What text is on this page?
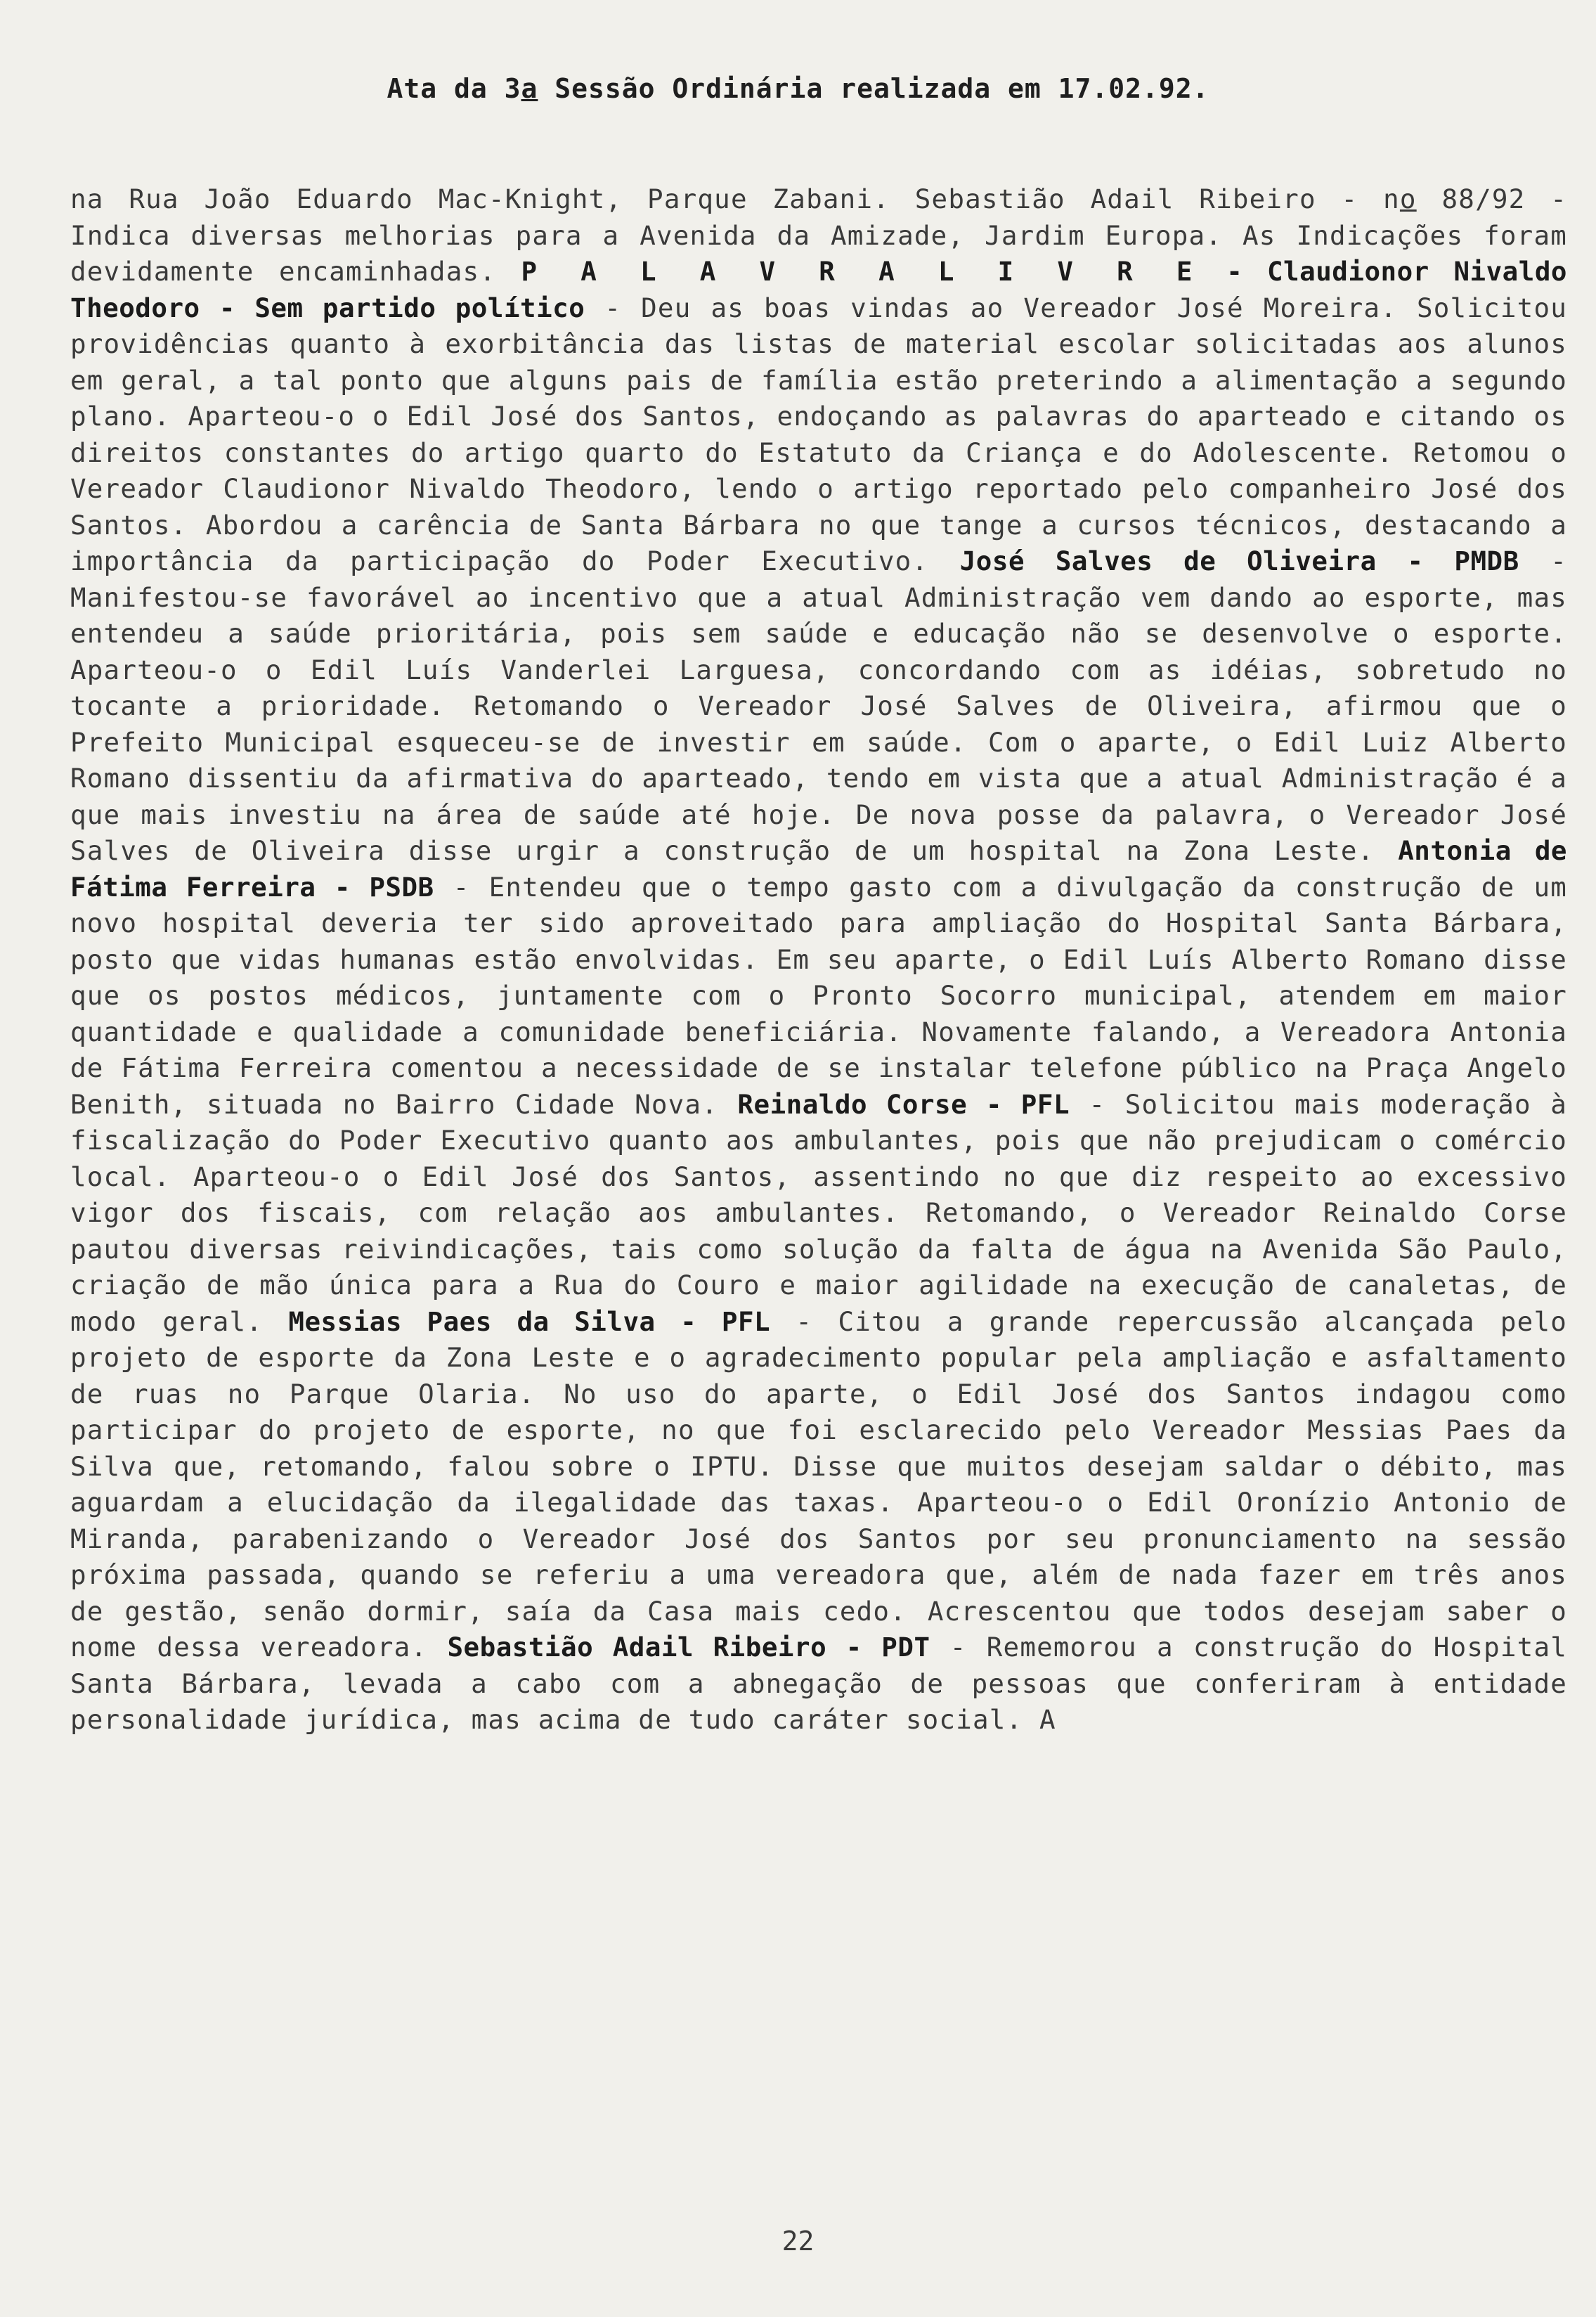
Ata da 3a Sessão Ordinária realizada em 17.02.92.

na Rua João Eduardo Mac-Knight, Parque Zabani. Sebastião Adail Ribeiro - no 88/92 - Indica diversas melhorias para a Avenida da Amizade, Jardim Europa. As Indicações foram devidamente encaminhadas. P A L A V R A L I V R E - Claudionor Nivaldo Theodoro - Sem partido político - Deu as boas vindas ao Vereador José Moreira. Solicitou providências quanto à exorbitância das listas de material escolar solicitadas aos alunos em geral, a tal ponto que alguns pais de família estão preterindo a alimentação a segundo plano. Aparteou-o o Edil José dos Santos, endoçando as palavras do aparteado e citando os direitos constantes do artigo quarto do Estatuto da Criança e do Adolescente. Retomou o Vereador Claudionor Nivaldo Theodoro, lendo o artigo reportado pelo companheiro José dos Santos. Abordou a carência de Santa Bárbara no que tange a cursos técnicos, destacando a importância da participação do Poder Executivo. José Salves de Oliveira - PMDB - Manifestou-se favorável ao incentivo que a atual Administração vem dando ao esporte, mas entendeu a saúde prioritária, pois sem saúde e educação não se desenvolve o esporte. Aparteou-o o Edil Luís Vanderlei Larguesa, concordando com as idéias, sobretudo no tocante a prioridade. Retomando o Vereador José Salves de Oliveira, afirmou que o Prefeito Municipal esqueceu-se de investir em saúde. Com o aparte, o Edil Luiz Alberto Romano dissentiu da afirmativa do aparteado, tendo em vista que a atual Administração é a que mais investiu na área de saúde até hoje. De nova posse da palavra, o Vereador José Salves de Oliveira disse urgir a construção de um hospital na Zona Leste. Antonia de Fátima Ferreira - PSDB - Entendeu que o tempo gasto com a divulgação da construção de um novo hospital deveria ter sido aproveitado para ampliação do Hospital Santa Bárbara, posto que vidas humanas estão envolvidas. Em seu aparte, o Edil Luís Alberto Romano disse que os postos médicos, juntamente com o Pronto Socorro municipal, atendem em maior quantidade e qualidade a comunidade beneficiária. Novamente falando, a Vereadora Antonia de Fátima Ferreira comentou a necessidade de se instalar telefone público na Praça Angelo Benith, situada no Bairro Cidade Nova. Reinaldo Corse - PFL - Solicitou mais moderação à fiscalização do Poder Executivo quanto aos ambulantes, pois que não prejudicam o comércio local. Aparteou-o o Edil José dos Santos, assentindo no que diz respeito ao excessivo vigor dos fiscais, com relação aos ambulantes. Retomando, o Vereador Reinaldo Corse pautou diversas reivindicações, tais como solução da falta de água na Avenida São Paulo, criação de mão única para a Rua do Couro e maior agilidade na execução de canaletas, de modo geral. Messias Paes da Silva - PFL - Citou a grande repercussão alcançada pelo projeto de esporte da Zona Leste e o agradecimento popular pela ampliação e asfaltamento de ruas no Parque Olaria. No uso do aparte, o Edil José dos Santos indagou como participar do projeto de esporte, no que foi esclarecido pelo Vereador Messias Paes da Silva que, retomando, falou sobre o IPTU. Disse que muitos desejam saldar o débito, mas aguardam a elucidação da ilegalidade das taxas. Aparteou-o o Edil Oronízio Antonio de Miranda, parabenizando o Vereador José dos Santos por seu pronunciamento na sessão próxima passada, quando se referiu a uma vereadora que, além de nada fazer em três anos de gestão, senão dormir, saía da Casa mais cedo. Acrescentou que todos desejam saber o nome dessa vereadora. Sebastião Adail Ribeiro - PDT - Rememorou a construção do Hospital Santa Bárbara, levada a cabo com a abnegação de pessoas que conferiram à entidade personalidade jurídica, mas acima de tudo caráter social. A

22
